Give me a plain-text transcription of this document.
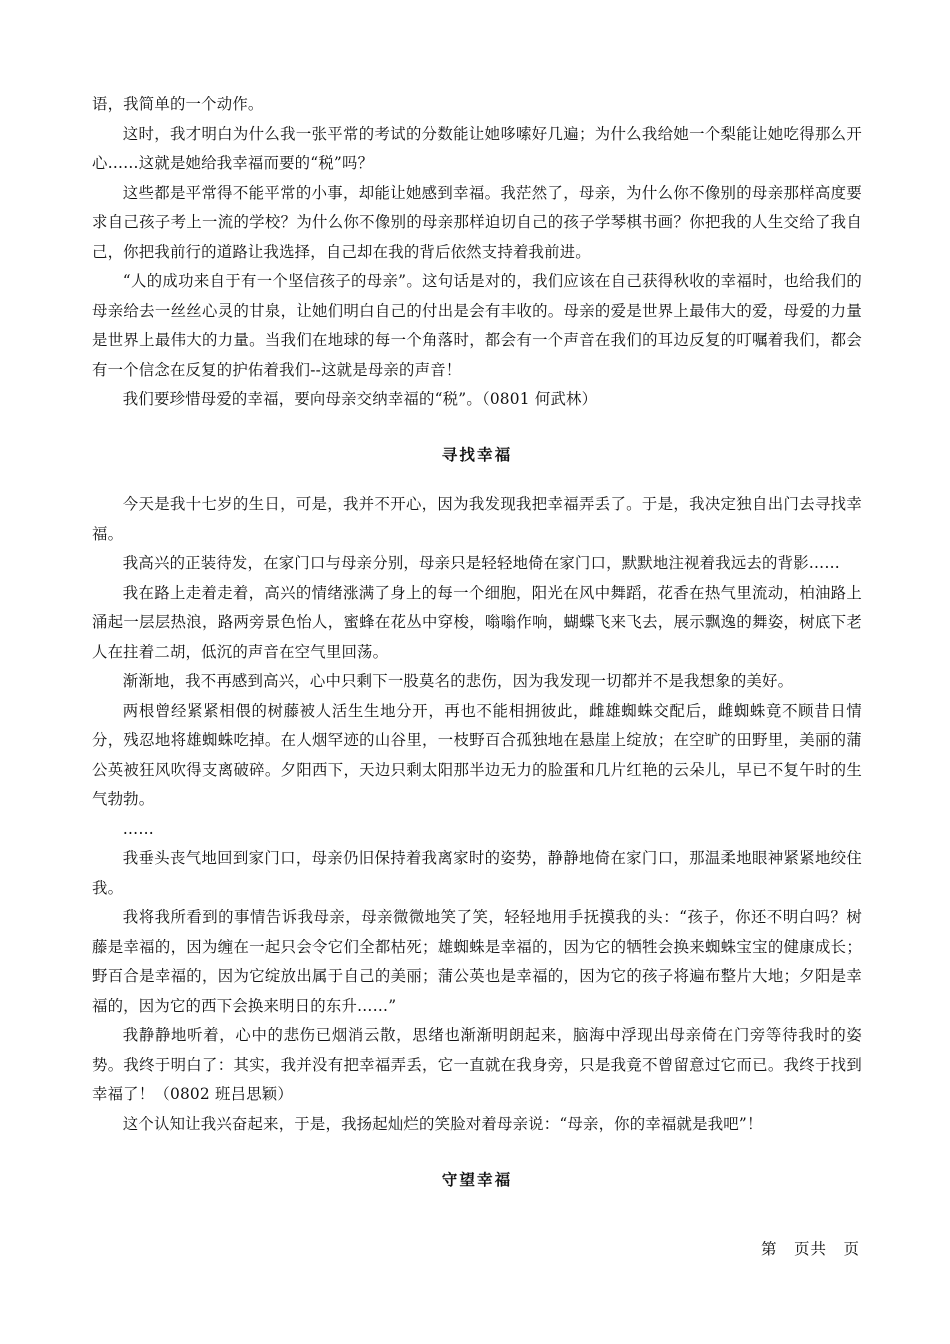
语，我简单的一个动作。

这时，我才明白为什么我一张平常的考试的分数能让她哆嗦好几遍；为什么我给她一个梨能让她吃得那么开心……这就是她给我幸福而要的“税”吗？

这些都是平常得不能平常的小事，却能让她感到幸福。我茫然了，母亲，为什么你不像别的母亲那样高度要求自己孩子考上一流的学校？为什么你不像别的母亲那样迫切自己的孩子学琴棋书画？你把我的人生交给了我自己，你把我前行的道路让我选择，自己却在我的背后依然支持着我前进。

“人的成功来自于有一个坚信孩子的母亲”。这句话是对的，我们应该在自己获得秋收的幸福时，也给我们的母亲给去一丝丝心灵的甘泉，让她们明白自己的付出是会有丰收的。母亲的爱是世界上最伟大的爱，母爱的力量是世界上最伟大的力量。当我们在地球的每一个角落时，都会有一个声音在我们的耳边反复的叮嘱着我们，都会有一个信念在反复的护佑着我们--这就是母亲的声音！

我们要珍惜母爱的幸福，要向母亲交纳幸福的“税”。（0801 何武林）

寻找幸福

今天是我十七岁的生日，可是，我并不开心，因为我发现我把幸福弄丢了。于是，我决定独自出门去寻找幸福。

我高兴的正装待发，在家门口与母亲分别，母亲只是轻轻地倚在家门口，默默地注视着我远去的背影……

我在路上走着走着，高兴的情绪涨满了身上的每一个细胞，阳光在风中舞蹈，花香在热气里流动，柏油路上涌起一层层热浪，路两旁景色怡人，蜜蜂在花丛中穿梭，嗡嗡作响，蝴蝶飞来飞去，展示飘逸的舞姿，树底下老人在拄着二胡，低沉的声音在空气里回荡。

渐渐地，我不再感到高兴，心中只剩下一股莫名的悲伤，因为我发现一切都并不是我想象的美好。

两根曾经紧紧相偎的树藤被人活生生地分开，再也不能相拥彼此，雌雄蜘蛛交配后，雌蜘蛛竟不顾昔日情分，残忍地将雄蜘蛛吃掉。在人烟罕迹的山谷里，一枝野百合孤独地在悬崖上绽放；在空旷的田野里，美丽的蒲公英被狂风吹得支离破碎。夕阳西下，天边只剩太阳那半边无力的脸蛋和几片红艳的云朵儿，早已不复午时的生气勃勃。

……

我垂头丧气地回到家门口，母亲仍旧保持着我离家时的姿势，静静地倚在家门口，那温柔地眼神紧紧地绞住我。

我将我所看到的事情告诉我母亲，母亲微微地笑了笑，轻轻地用手抚摸我的头：“孩子，你还不明白吗？树藤是幸福的，因为缠在一起只会令它们全都枯死；雄蜘蛛是幸福的，因为它的牺牲会换来蜘蛛宝宝的健康成长；野百合是幸福的，因为它绽放出属于自己的美丽；蒲公英也是幸福的，因为它的孩子将遍布整片大地；夕阳是幸福的，因为它的西下会换来明日的东升……”

我静静地听着，心中的悲伤已烟消云散，思绪也渐渐明朗起来，脑海中浮现出母亲倚在门旁等待我时的姿势。我终于明白了：其实，我并没有把幸福弄丢，它一直就在我身旁，只是我竟不曾留意过它而已。我终于找到幸福了！（0802 班吕思颖）

这个认知让我兴奋起来，于是，我扬起灿烂的笑脸对着母亲说：“母亲，你的幸福就是我吧”！

守望幸福
第　页共　页
